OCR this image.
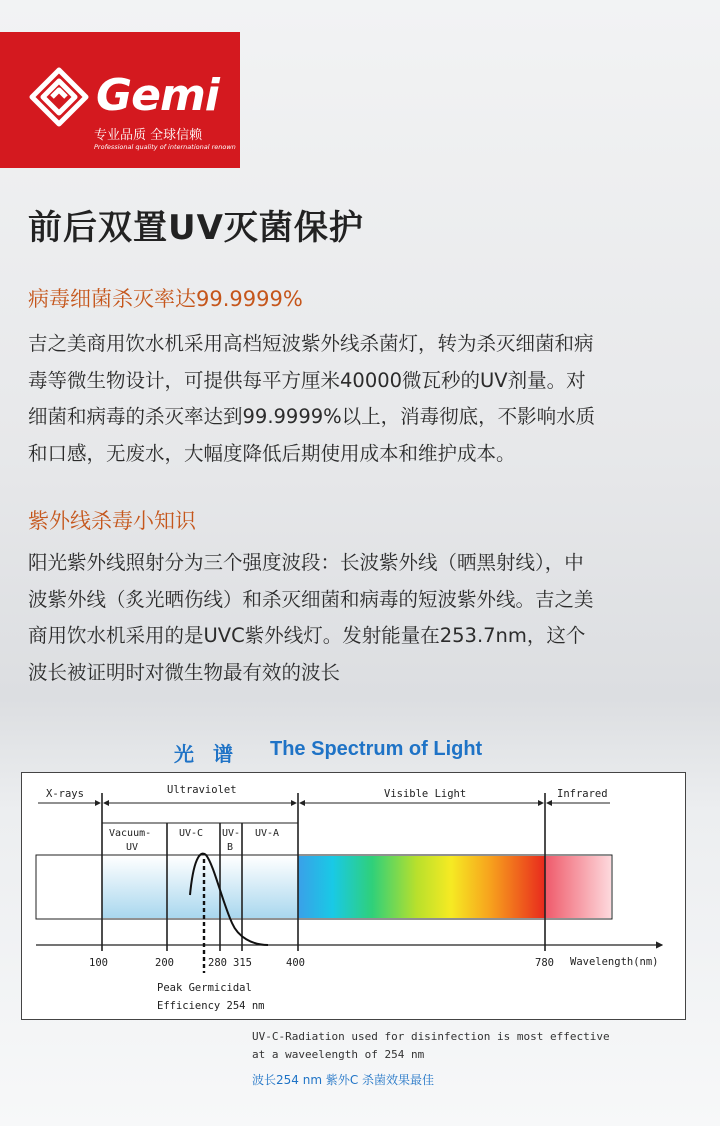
Gemi
专业品质 全球信赖
Professional quality of international renown
前后双置UV灭菌保护
病毒细菌杀灭率达99.9999%
吉之美商用饮水机采用高档短波紫外线杀菌灯，转为杀灭细菌和病
毒等微生物设计，可提供每平方厘米40000微瓦秒的UV剂量。对
细菌和病毒的杀灭率达到99.9999%以上，消毒彻底，不影响水质
和口感，无废水，大幅度降低后期使用成本和维护成本。
紫外线杀毒小知识
阳光紫外线照射分为三个强度波段：长波紫外线（晒黑射线），中
波紫外线（炙光晒伤线）和杀灭细菌和病毒的短波紫外线。吉之美
商用饮水机采用的是UVC紫外线灯。发射能量在253.7nm，这个
波长被证明时对微生物最有效的波长
光 谱 The Spectrum of Light
X-rays	Ultraviolet	Visible Light	Infrared
Vacuum-
UV
UV-C UV-
B
UV-A
100	200	280 315	400	780 Wavelength(nm)
Peak Germicidal
Efficiency 254 nm
UV-C-Radiation used for disinfection is most effective
at a waveelength of 254 nm
波长254 nm 紫外C 杀菌效果最佳
